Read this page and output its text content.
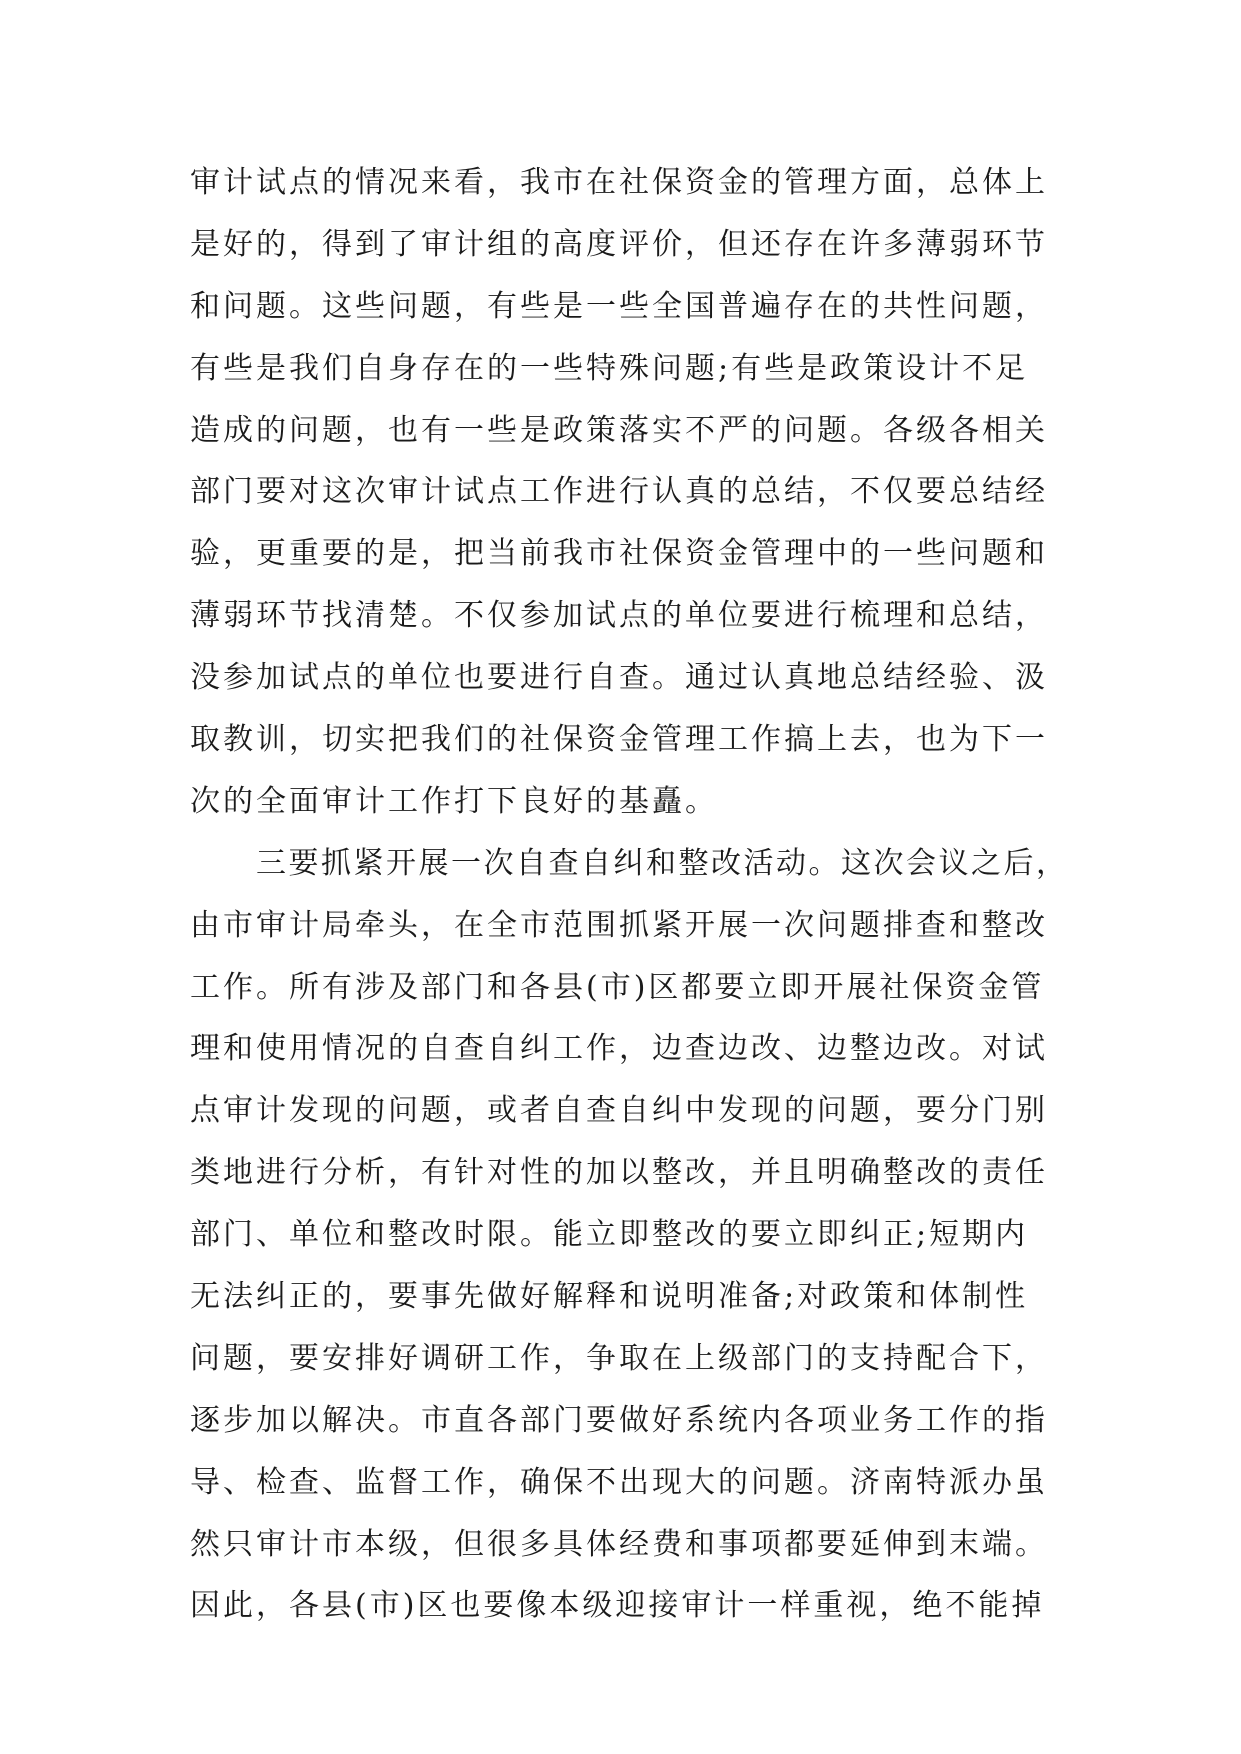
审计试点的情况来看，我市在社保资金的管理方面，总体上
是好的，得到了审计组的高度评价，但还存在许多薄弱环节
和问题。这些问题，有些是一些全国普遍存在的共性问题，
有些是我们自身存在的一些特殊问题;有些是政策设计不足
造成的问题，也有一些是政策落实不严的问题。各级各相关
部门要对这次审计试点工作进行认真的总结，不仅要总结经
验，更重要的是，把当前我市社保资金管理中的一些问题和
薄弱环节找清楚。不仅参加试点的单位要进行梳理和总结，
没参加试点的单位也要进行自查。通过认真地总结经验、汲
取教训，切实把我们的社保资金管理工作搞上去，也为下一
次的全面审计工作打下良好的基矗。
三要抓紧开展一次自查自纠和整改活动。这次会议之后，
由市审计局牵头，在全市范围抓紧开展一次问题排查和整改
工作。所有涉及部门和各县(市)区都要立即开展社保资金管
理和使用情况的自查自纠工作，边查边改、边整边改。对试
点审计发现的问题，或者自查自纠中发现的问题，要分门别
类地进行分析，有针对性的加以整改，并且明确整改的责任
部门、单位和整改时限。能立即整改的要立即纠正;短期内
无法纠正的，要事先做好解释和说明准备;对政策和体制性
问题，要安排好调研工作，争取在上级部门的支持配合下，
逐步加以解决。市直各部门要做好系统内各项业务工作的指
导、检查、监督工作，确保不出现大的问题。济南特派办虽
然只审计市本级，但很多具体经费和事项都要延伸到末端。
因此，各县(市)区也要像本级迎接审计一样重视，绝不能掉
